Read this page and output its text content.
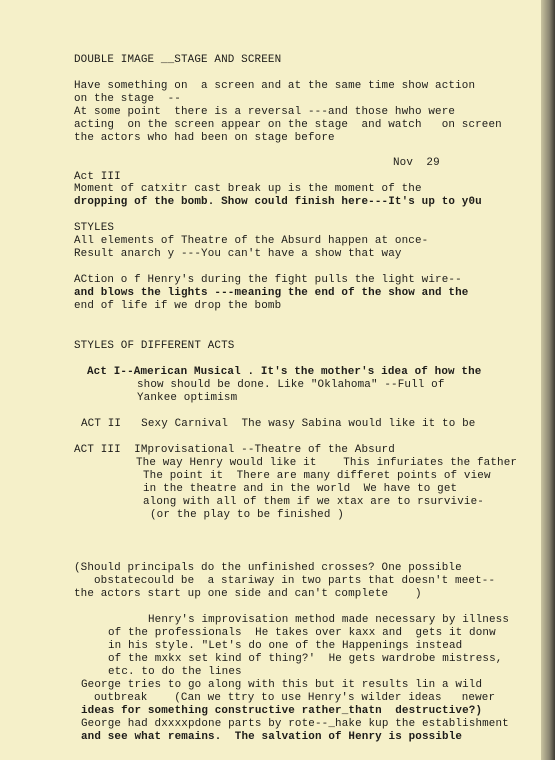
DOUBLE IMAGE __STAGE AND SCREEN
Have something on  a screen and at the same time show action
on the stage  --
At some point  there is a reversal ---and those hwho were
acting  on the screen appear on the stage  and watch   on screen
the actors who had been on stage before
Nov  29
Act III
Moment of catxitr cast break up is the moment of the
dropping of the bomb. Show could finish here---It's up to y0u
STYLES
All elements of Theatre of the Absurd happen at once-
Result anarch y ---You can't have a show that way
ACtion o f Henry's during the fight pulls the light wire--
and blows the lights ---meaning the end of the show and the
end of life if we drop the bomb
STYLES OF DIFFERENT ACTS
Act I--American Musical . It's the mother's idea of how the
show should be done. Like "Oklahoma" --Full of
Yankee optimism
ACT II   Sexy Carnival  The wasy Sabina would like it to be
ACT III  IMprovisational --Theatre of the Absurd
The way Henry would like it    This infuriates the father
The point it  There are many differet points of view
in the theatre and in the world  We have to get
along with all of them if we xtax are to rsurvivie-
(or the play to be finished )
(Should principals do the unfinished crosses? One possible
obstatecould be  a stariway in two parts that doesn't meet--
the actors start up one side and can't complete    )
Henry's improvisation method made necessary by illness
of the professionals  He takes over kaxx and  gets it donw
in his style. "Let's do one of the Happenings instead
of the mxkx set kind of thing?'  He gets wardrobe mistress,
etc. to do the lines
George tries to go along with this but it results lin a wild
outbreak    (Can we ttry to use Henry's wilder ideas   newer
ideas for something constructive rather_thatn  destructive?)
George had dxxxxpdone parts by rote--_hake kup the establishment
and see what remains.  The salvation of Henry is possible
